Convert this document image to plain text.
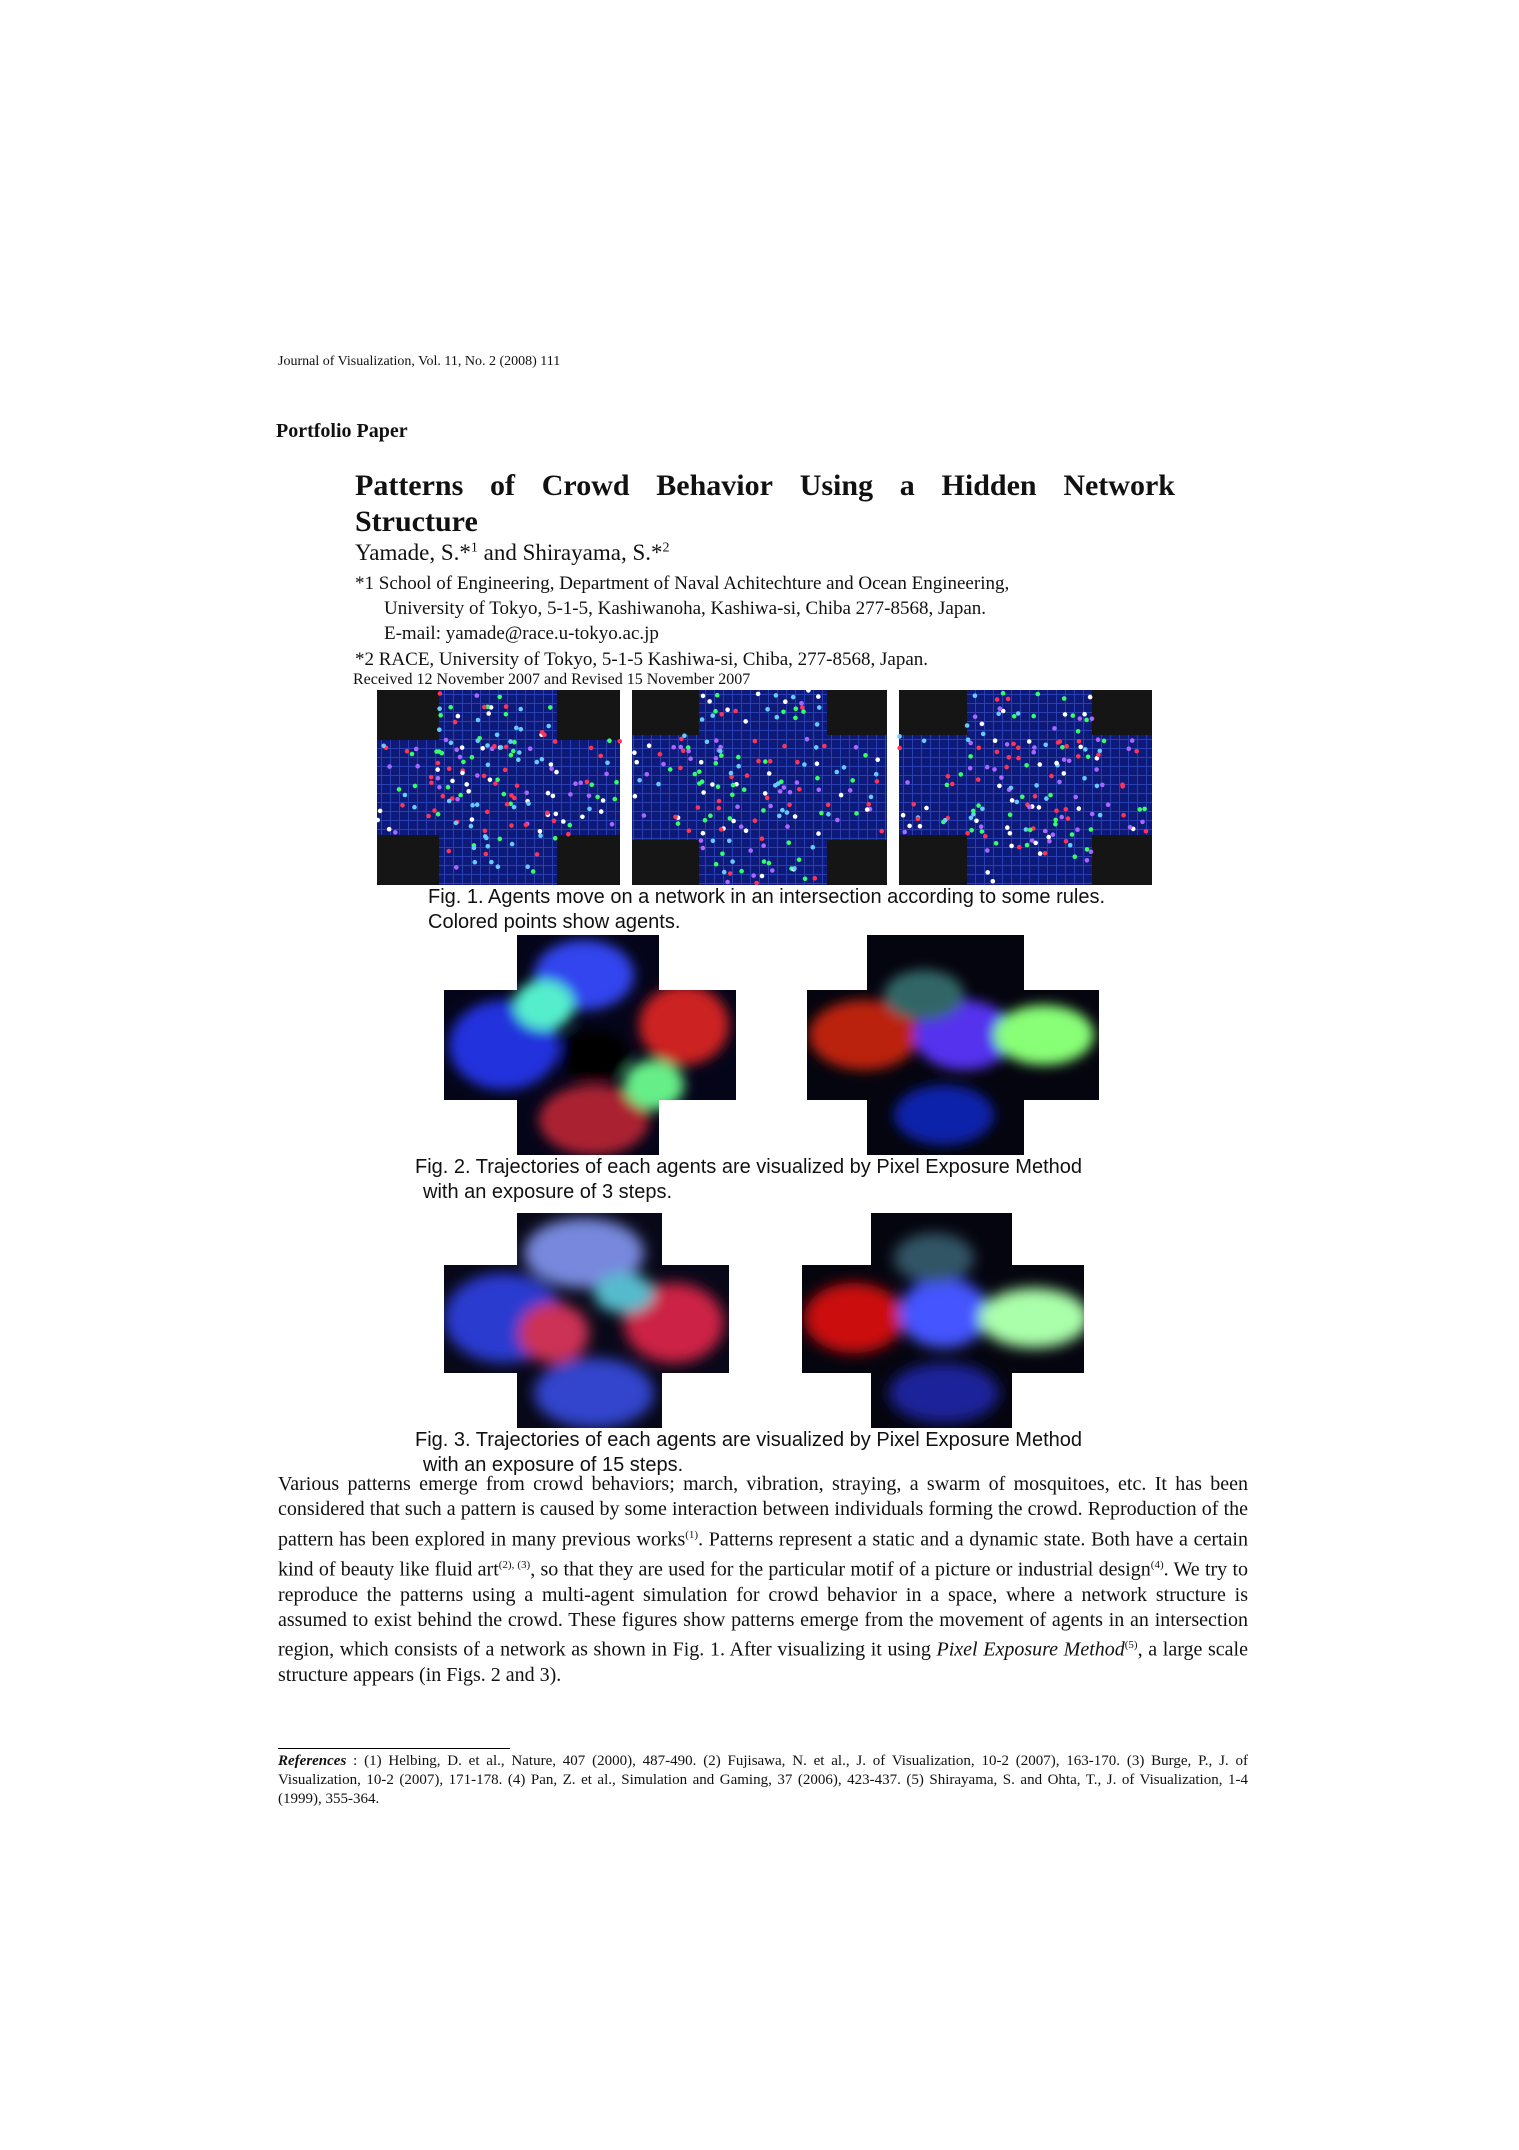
Journal of Visualization, Vol. 11, No. 2 (2008) 111
Portfolio Paper
Patterns of Crowd Behavior Using a Hidden Network
Structure
Yamade, S.*$^1$ and Shirayama, S.*$^2$
*1 School of Engineering, Department of Naval Achitechture and Ocean Engineering,
University of Tokyo, 5-1-5, Kashiwanoha, Kashiwa-si, Chiba 277-8568, Japan.
E-mail: yamade@race.u-tokyo.ac.jp
*2 RACE, University of Tokyo, 5-1-5 Kashiwa-si, Chiba, 277-8568, Japan.
Received 12 November 2007 and Revised 15 November 2007
Fig. 1. Agents move on a network in an intersection according to some rules.
Colored points show agents.
Fig. 2. Trajectories of each agents are visualized by Pixel Exposure Method
with an exposure of 3 steps.
Fig. 3. Trajectories of each agents are visualized by Pixel Exposure Method
with an exposure of 15 steps.
Various patterns emerge from crowd behaviors; march, vibration, straying, a swarm of mosquitoes, etc. It has been considered that such a pattern is caused by some interaction between individuals forming the crowd. Reproduction of the pattern has been explored in many previous works$^{(1)}$. Patterns represent a static and a dynamic state. Both have a certain kind of beauty like fluid art$^{(2), (3)}$, so that they are used for the particular motif of a picture or industrial design$^{(4)}$. We try to reproduce the patterns using a multi-agent simulation for crowd behavior in a space, where a network structure is assumed to exist behind the crowd. These figures show patterns emerge from the movement of agents in an intersection region, which consists of a network as shown in Fig. 1. After visualizing it using Pixel Exposure Method$^{(5)}$, a large scale structure appears (in Figs. 2 and 3).
References : (1) Helbing, D. et al., Nature, 407 (2000), 487-490. (2) Fujisawa, N. et al., J. of Visualization, 10-2 (2007), 163-170. (3) Burge, P., J. of Visualization, 10-2 (2007), 171-178. (4) Pan, Z. et al., Simulation and Gaming, 37 (2006), 423-437. (5) Shirayama, S. and Ohta, T., J. of Visualization, 1-4 (1999), 355-364.
